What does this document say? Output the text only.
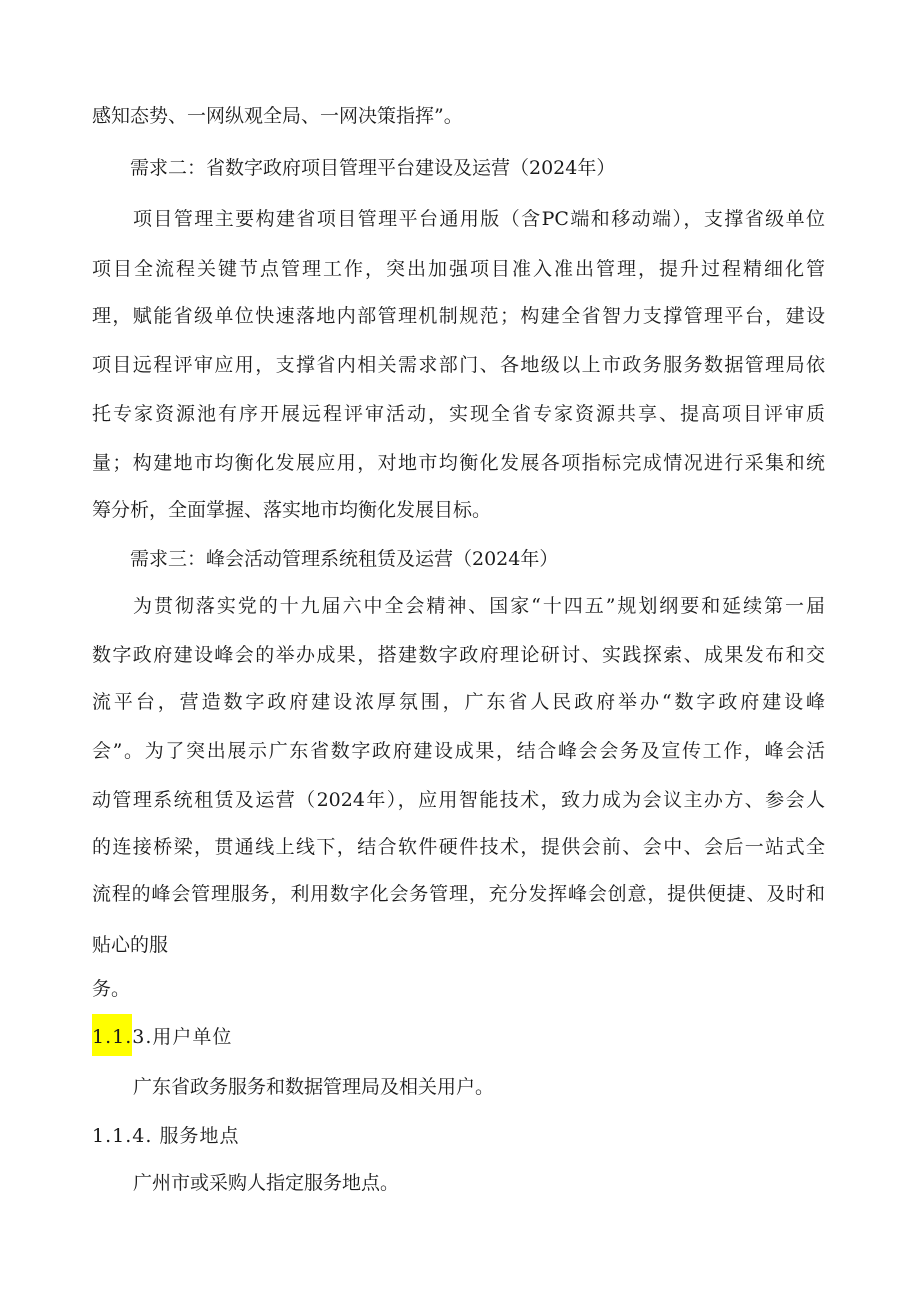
感知态势、一网纵观全局、一网决策指挥”。
需求二：省数字政府项目管理平台建设及运营（2024年）
项目管理主要构建省项目管理平台通用版（含PC端和移动端），支撑省级单位
项目全流程关键节点管理工作，突出加强项目准入准出管理，提升过程精细化管
理，赋能省级单位快速落地内部管理机制规范；构建全省智力支撑管理平台，建设
项目远程评审应用，支撑省内相关需求部门、各地级以上市政务服务数据管理局依
托专家资源池有序开展远程评审活动，实现全省专家资源共享、提高项目评审质
量；构建地市均衡化发展应用，对地市均衡化发展各项指标完成情况进行采集和统
筹分析，全面掌握、落实地市均衡化发展目标。
需求三：峰会活动管理系统租赁及运营（2024年）
为贯彻落实党的十九届六中全会精神、国家“十四五”规划纲要和延续第一届
数字政府建设峰会的举办成果，搭建数字政府理论研讨、实践探索、成果发布和交
流平台，营造数字政府建设浓厚氛围，广东省人民政府举办“数字政府建设峰
会”。为了突出展示广东省数字政府建设成果，结合峰会会务及宣传工作，峰会活
动管理系统租赁及运营（2024年），应用智能技术，致力成为会议主办方、参会人
的连接桥梁，贯通线上线下，结合软件硬件技术，提供会前、会中、会后一站式全
流程的峰会管理服务，利用数字化会务管理，充分发挥峰会创意，提供便捷、及时和
贴心的服
务。
1.1.3.用户单位
广东省政务服务和数据管理局及相关用户。
1.1.4. 服务地点
广州市或采购人指定服务地点。
